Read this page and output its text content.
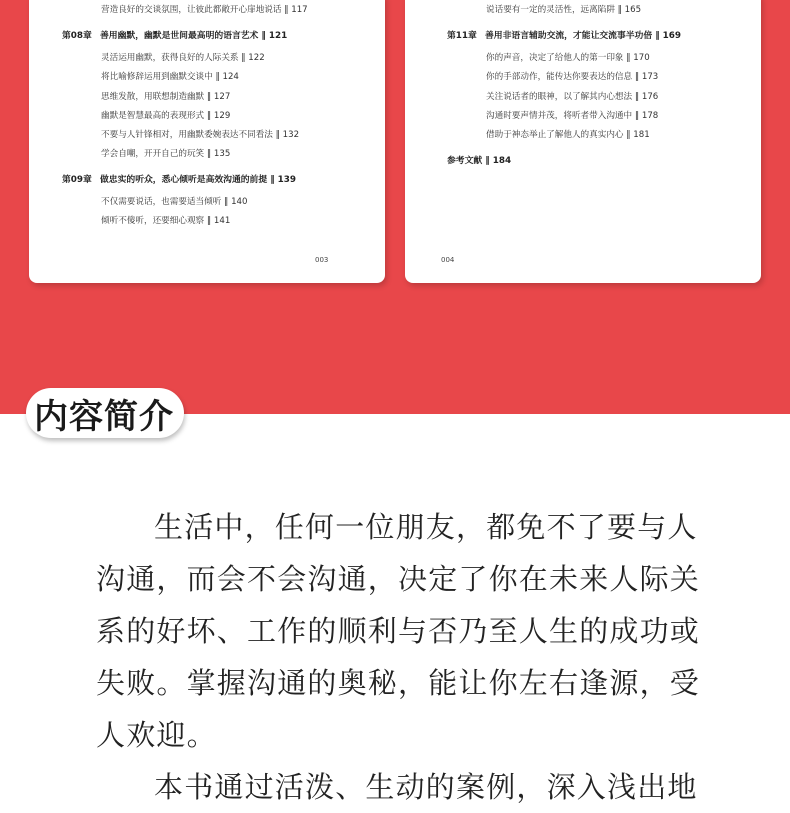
营造良好的交谈氛围，让彼此都敞开心扉地说话 ‖ 117
第08章 善用幽默，幽默是世间最高明的语言艺术 ‖ 121
灵活运用幽默，获得良好的人际关系 ‖ 122
将比喻修辞运用到幽默交谈中 ‖ 124
思维发散，用联想制造幽默 ‖ 127
幽默是智慧最高的表现形式 ‖ 129
不要与人针锋相对，用幽默委婉表达不同看法 ‖ 132
学会自嘲，开开自己的玩笑 ‖ 135
第09章 做忠实的听众，悉心倾听是高效沟通的前提 ‖ 139
不仅需要说话，也需要适当倾听 ‖ 140
倾听不傻听，还要细心观察 ‖ 141
003
说话要有一定的灵活性，远离陷阱 ‖ 165
第11章 善用非语言辅助交流，才能让交流事半功倍 ‖ 169
你的声音，决定了给他人的第一印象 ‖ 170
你的手部动作，能传达你要表达的信息 ‖ 173
关注说话者的眼神，以了解其内心想法 ‖ 176
沟通时要声情并茂，将听者带入沟通中 ‖ 178
借助于神态举止了解他人的真实内心 ‖ 181
参考文献 ‖ 184
004
内容简介

生活中，任何一位朋友，都免不了要与人沟通，而会不会沟通，决定了你在未来人际关系的好坏、工作的顺利与否乃至人生的成功或失败。掌握沟通的奥秘，能让你左右逢源，受人欢迎。

本书通过活泼、生动的案例，深入浅出地
